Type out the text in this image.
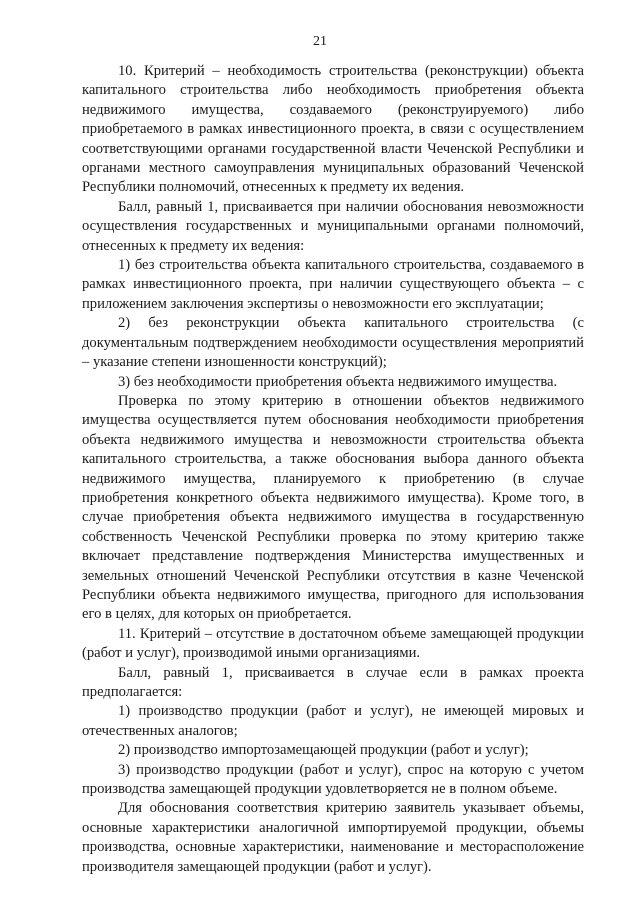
21

10. Критерий – необходимость строительства (реконструкции) объекта капитального строительства либо необходимость приобретения объекта недвижимого имущества, создаваемого (реконструируемого) либо приобретаемого в рамках инвестиционного проекта, в связи с осуществлением соответствующими органами государственной власти Чеченской Республики и органами местного самоуправления муниципальных образований Чеченской Республики полномочий, отнесенных к предмету их ведения.

Балл, равный 1, присваивается при наличии обоснования невозможности осуществления государственных и муниципальными органами полномочий, отнесенных к предмету их ведения:

1) без строительства объекта капитального строительства, создаваемого в рамках инвестиционного проекта, при наличии существующего объекта – с приложением заключения экспертизы о невозможности его эксплуатации;

2) без реконструкции объекта капитального строительства (с документальным подтверждением необходимости осуществления мероприятий – указание степени изношенности конструкций);

3) без необходимости приобретения объекта недвижимого имущества.

Проверка по этому критерию в отношении объектов недвижимого имущества осуществляется путем обоснования необходимости приобретения объекта недвижимого имущества и невозможности строительства объекта капитального строительства, а также обоснования выбора данного объекта недвижимого имущества, планируемого к приобретению (в случае приобретения конкретного объекта недвижимого имущества). Кроме того, в случае приобретения объекта недвижимого имущества в государственную собственность Чеченской Республики проверка по этому критерию также включает представление подтверждения Министерства имущественных и земельных отношений Чеченской Республики отсутствия в казне Чеченской Республики объекта недвижимого имущества, пригодного для использования его в целях, для которых он приобретается.

11. Критерий – отсутствие в достаточном объеме замещающей продукции (работ и услуг), производимой иными организациями.

Балл, равный 1, присваивается в случае если в рамках проекта предполагается:

1) производство продукции (работ и услуг), не имеющей мировых и отечественных аналогов;

2) производство импортозамещающей продукции (работ и услуг);

3) производство продукции (работ и услуг), спрос на которую с учетом производства замещающей продукции удовлетворяется не в полном объеме.

Для обоснования соответствия критерию заявитель указывает объемы, основные характеристики аналогичной импортируемой продукции, объемы производства, основные характеристики, наименование и месторасположение производителя замещающей продукции (работ и услуг).
